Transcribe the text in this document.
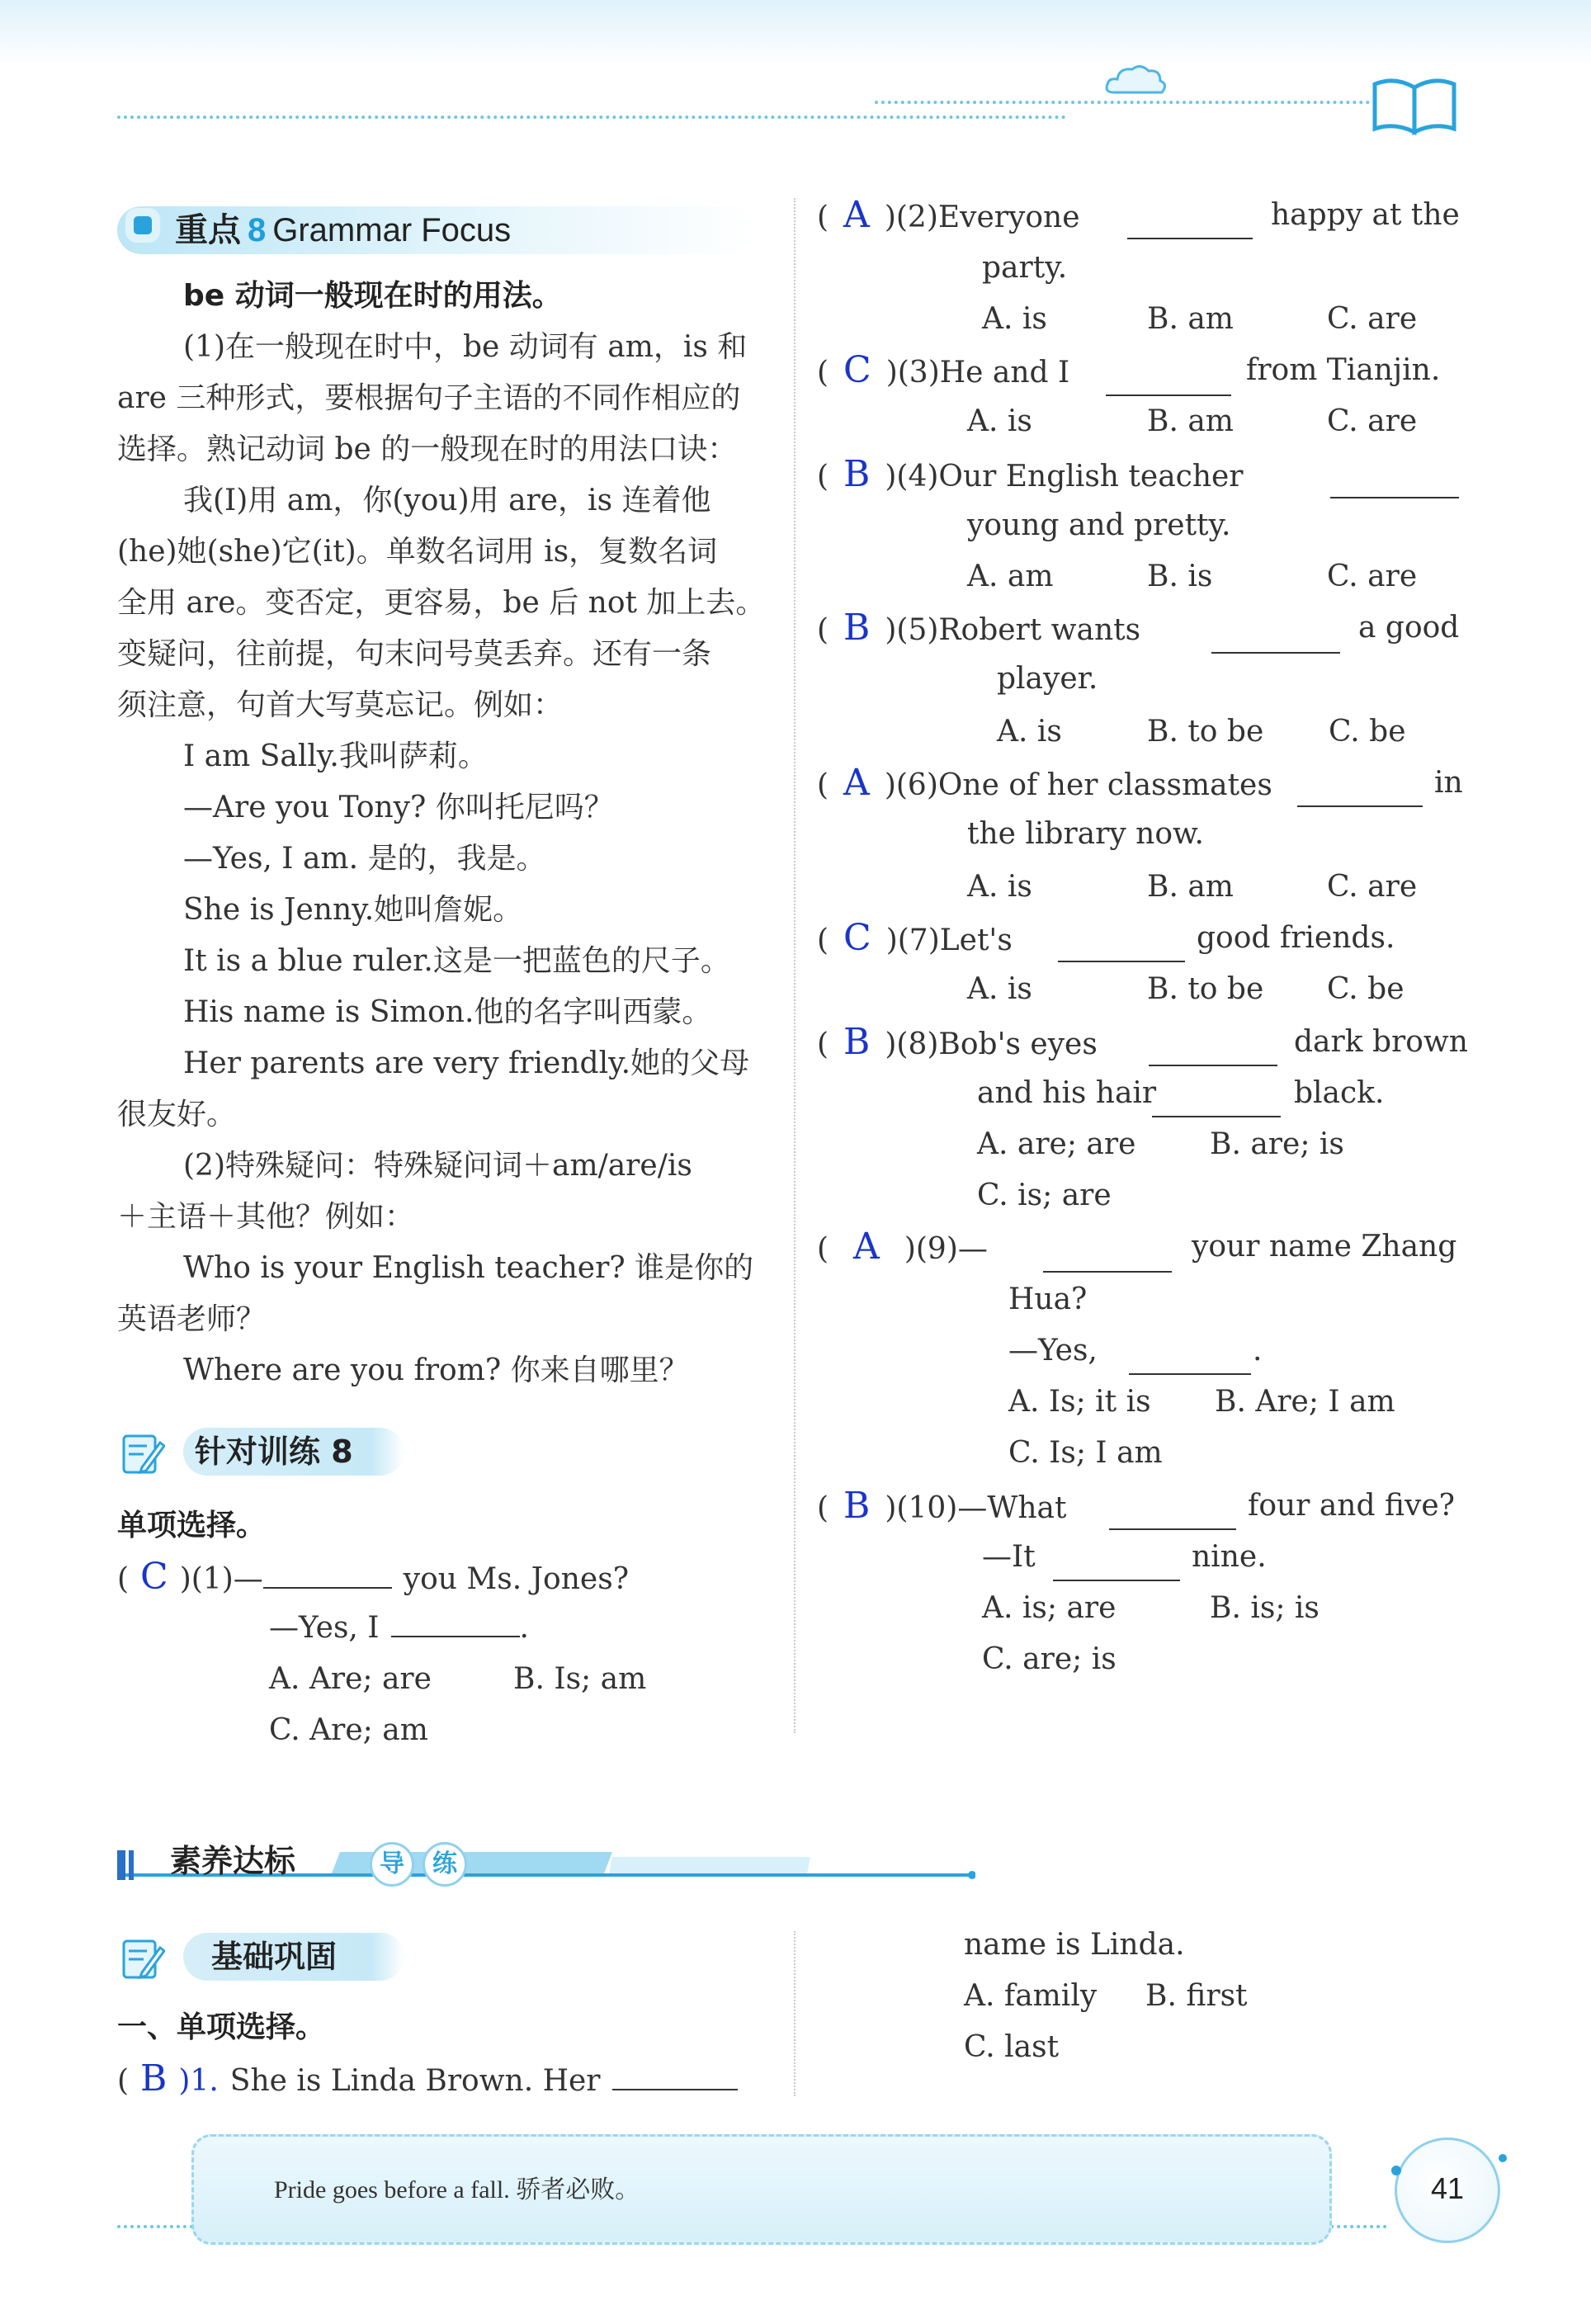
重点 8 Grammar Focus
be 动词一般现在时的用法。
(1)在一般现在时中，be 动词有 am，is 和
are 三种形式，要根据句子主语的不同作相应的
选择。熟记动词 be 的一般现在时的用法口诀：
我(I)用 am，你(you)用 are，is 连着他
(he)她(she)它(it)。单数名词用 is，复数名词
全用 are。变否定，更容易，be 后 not 加上去。
变疑问，往前提，句末问号莫丢弃。还有一条
须注意，句首大写莫忘记。例如：
I am Sally.我叫萨莉。
—Are you Tony? 你叫托尼吗？
—Yes, I am. 是的，我是。
She is Jenny.她叫詹妮。
It is a blue ruler.这是一把蓝色的尺子。
His name is Simon.他的名字叫西蒙。
Her parents are very friendly.她的父母
很友好。
(2)特殊疑问：特殊疑问词＋am/are/is
＋主语＋其他？例如：
Who is your English teacher? 谁是你的
英语老师？
Where are you from? 你来自哪里？
针对训练 8
单项选择。
( C )(1)—	you Ms. Jones?
—Yes, I	.
A. Are; are	B. Is; am
C. Are; am
( A )(2)Everyone	happy at the
party.
A. is	B. am	C. are
( C )(3)He and I	from Tianjin.
A. is	B. am	C. are
( B )(4)Our English teacher
young and pretty.
A. am	B. is	C. are
( B )(5)Robert wants	a good
player.
A. is	B. to be C. be
( A )(6)One of her classmates	in
the library now.
A. is	B. am	C. are
( C )(7)Let's	good friends.
A. is	B. to be C. be
( B )(8)Bob's eyes	dark brown
and his hair	black.
A. are; are B. are; is
C. is; are
( A )(9)—	your name Zhang
Hua?
—Yes,	.
A. Is; it is B. Are; I am
C. Is; I am
( B )(10)—What	four and five?
—It	nine.
A. is; are	B. is; is
C. are; is
素养达标	导	练
基础巩固
一、单项选择。
( B )1. She is Linda Brown. Her
name is Linda.
A. family B. first
C. last
Pride goes before a fall. 骄者必败。	41
